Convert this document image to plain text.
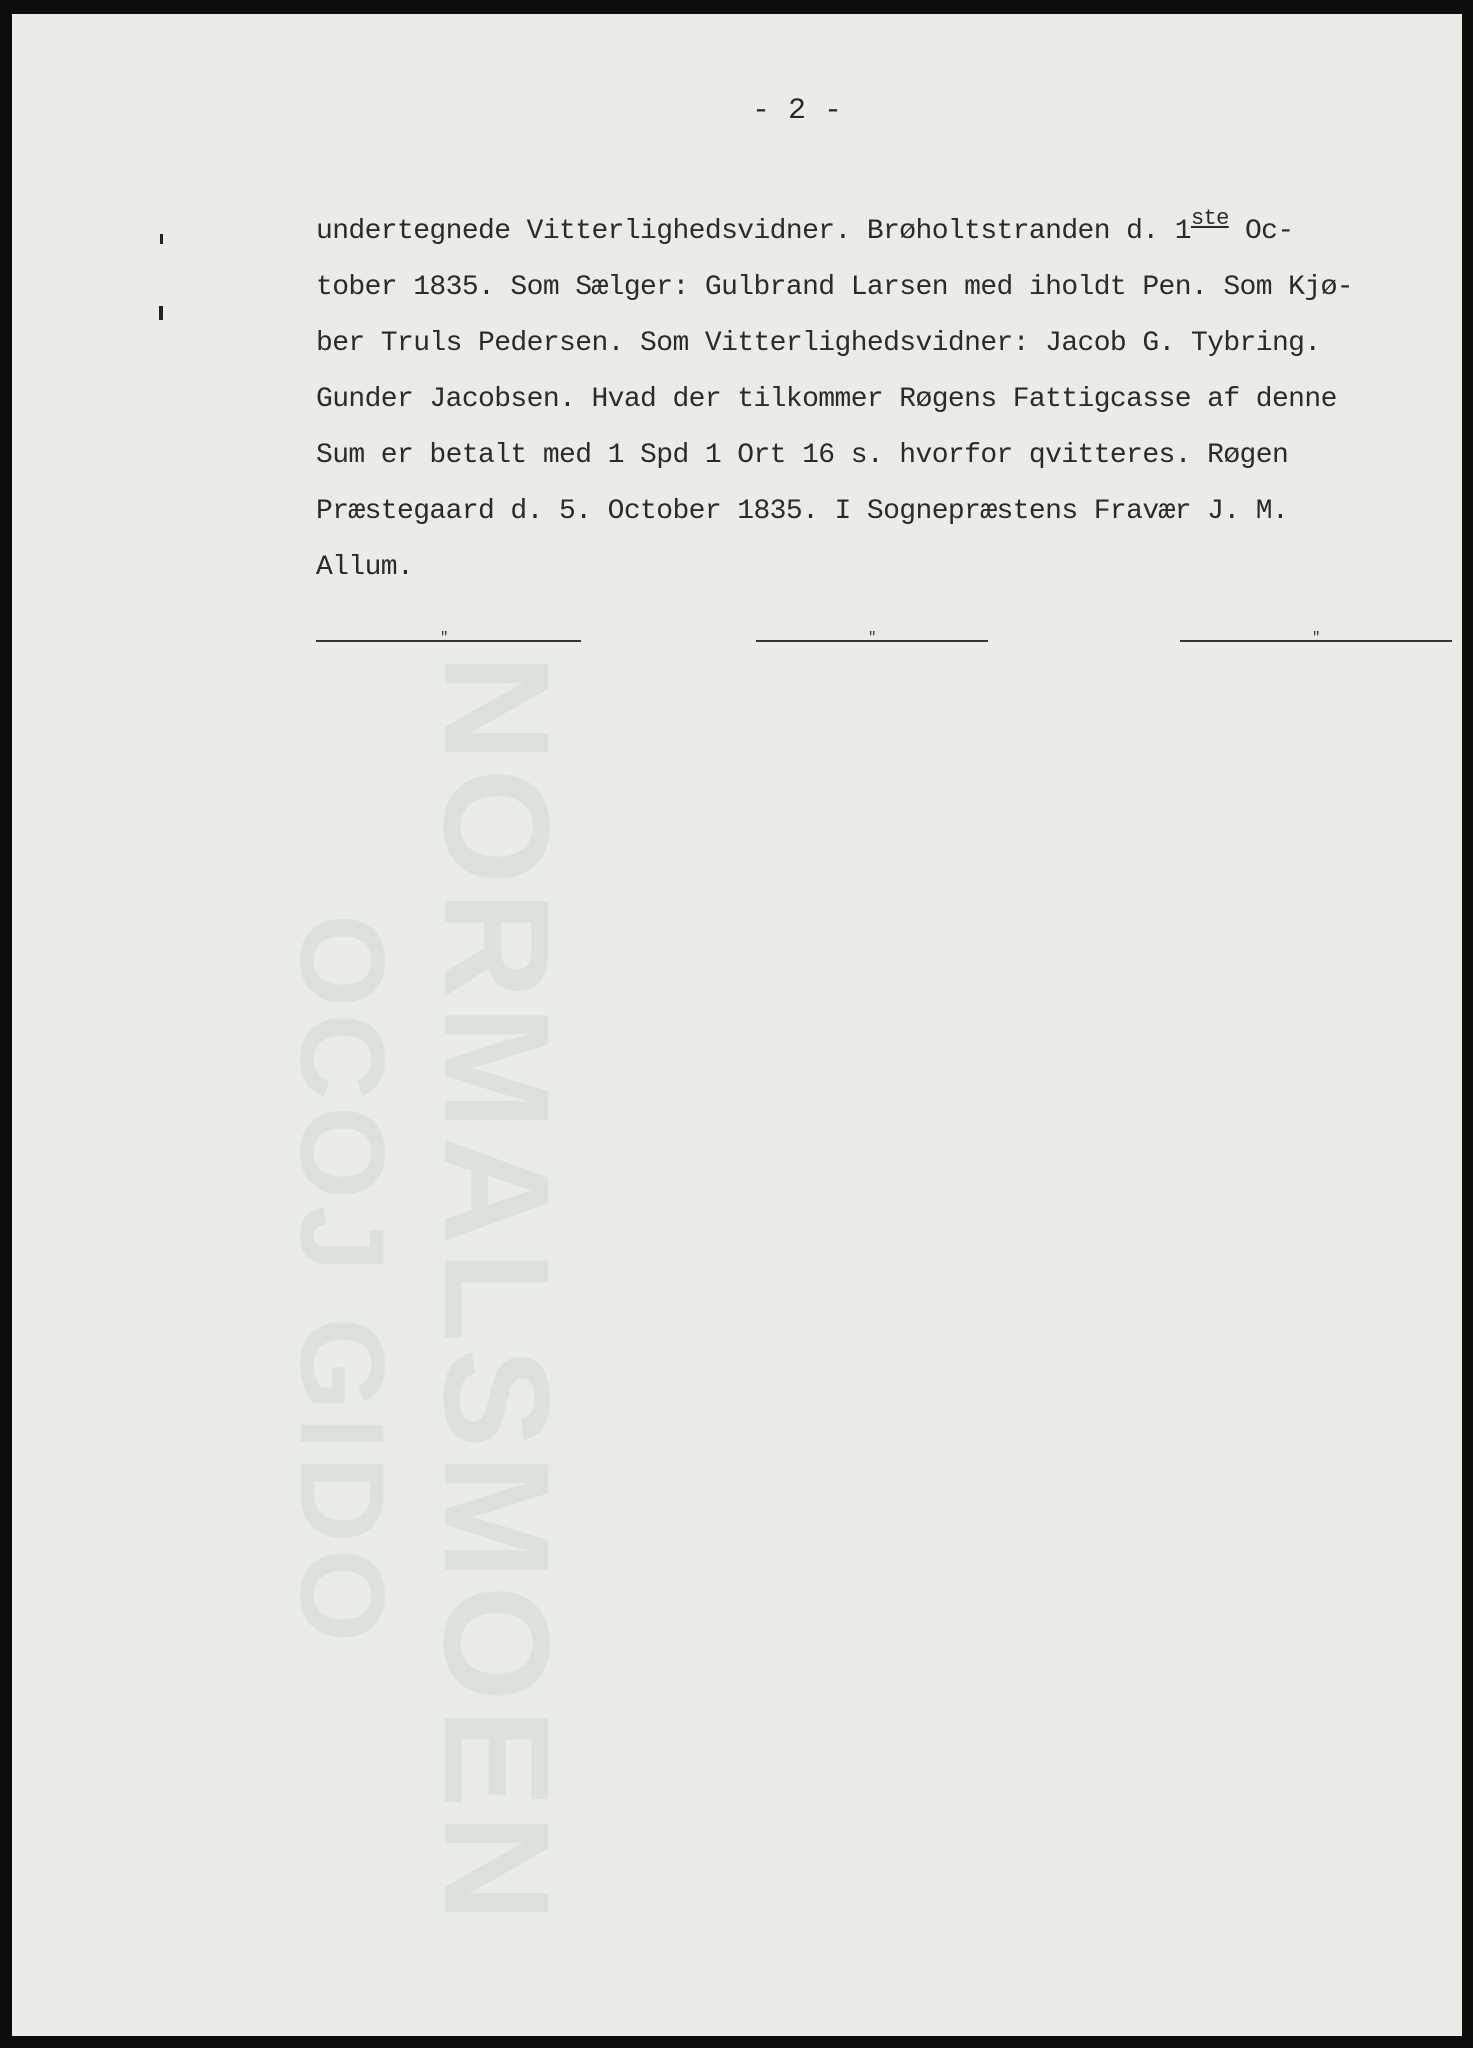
NORMALSMOEN
OCOJ GIDO
- 2 -
undertegnede Vitterlighedsvidner. Brøholtstranden d. 1ste Oc-
tober 1835. Som Sælger: Gulbrand Larsen med iholdt Pen. Som Kjø-
ber Truls Pedersen. Som Vitterlighedsvidner: Jacob G. Tybring.
Gunder Jacobsen. Hvad der tilkommer Røgens Fattigcasse af denne
Sum er betalt med 1 Spd 1 Ort 16 s. hvorfor qvitteres. Røgen
Præstegaard d. 5. October 1835. I Sognepræstens Fravær J. M.
Allum.
"	"	"
